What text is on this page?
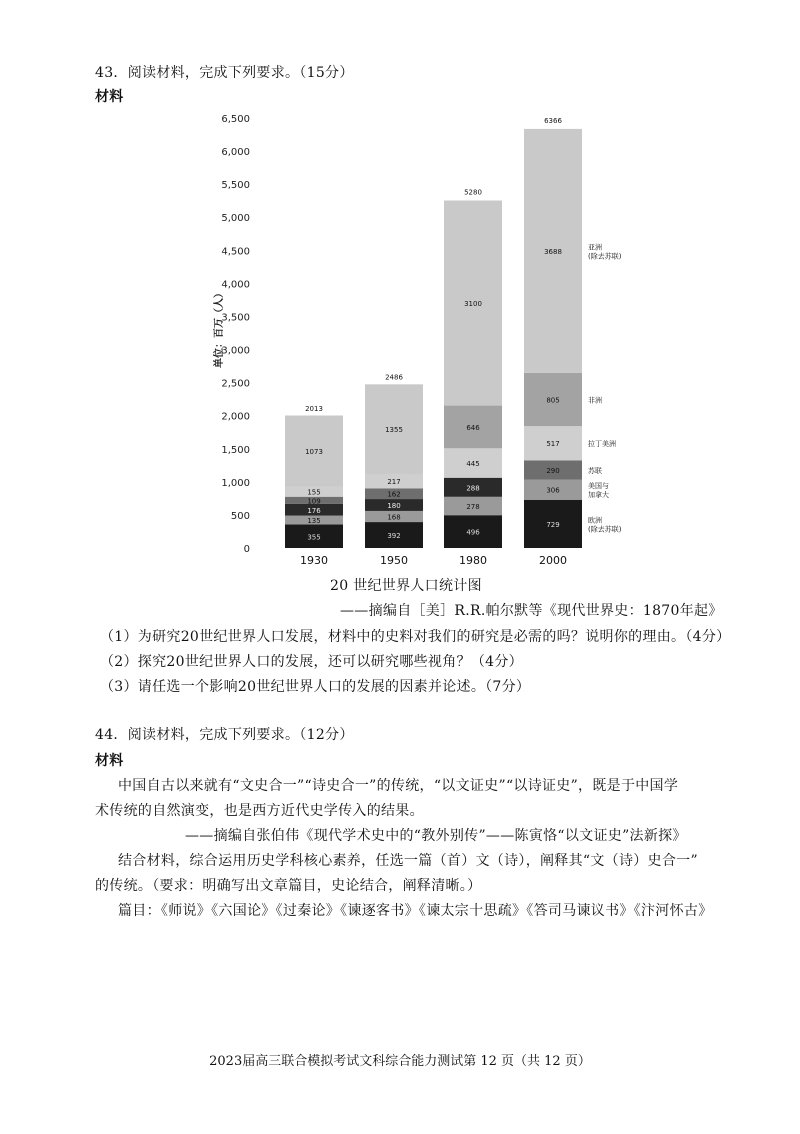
43．阅读材料，完成下列要求。（15分）
材料
0
500
1,000
1,500
2,000
2,500
3,000
3,500
4,000
4,500
5,000
5,500
6,000
6,500
单位：百万（人）
355
135
176
109
155
1073
2013
1930
392
168
180
162
217
1355
2486
1950
496
278
288
445
646
3100
5280
1980
729
306
290
517
805
3688
6366
2000
欧洲
(除去苏联)
美国与
加拿大
苏联
拉丁美洲
非洲
亚洲
(除去苏联)
20 世纪世界人口统计图
——摘编自［美］R.R.帕尔默等《现代世界史：1870年起》
（1）为研究20世纪世界人口发展，材料中的史料对我们的研究是必需的吗？说明你的理由。（4分）
（2）探究20世纪世界人口的发展，还可以研究哪些视角？（4分）
（3）请任选一个影响20世纪世界人口的发展的因素并论述。（7分）
44．阅读材料，完成下列要求。（12分）
材料
中国自古以来就有“文史合一”“诗史合一”的传统，“以文证史”“以诗证史”，既是于中国学
术传统的自然演变，也是西方近代史学传入的结果。
——摘编自张伯伟《现代学术史中的“教外别传”——陈寅恪“以文证史”法新探》
结合材料，综合运用历史学科核心素养，任选一篇（首）文（诗），阐释其“文（诗）史合一”
的传统。（要求：明确写出文章篇目，史论结合，阐释清晰。）
篇目：《师说》《六国论》《过秦论》《谏逐客书》《谏太宗十思疏》《答司马谏议书》《汴河怀古》
2023届高三联合模拟考试文科综合能力测试第 12 页（共 12 页）
